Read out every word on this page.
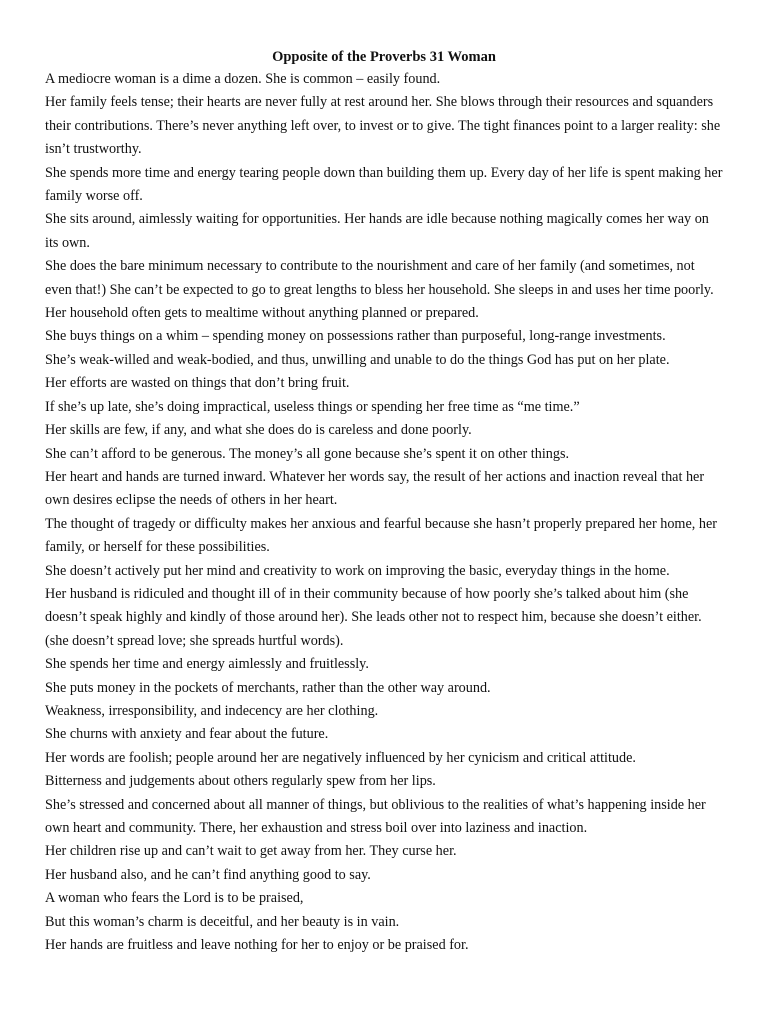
Opposite of the Proverbs 31 Woman

A mediocre woman is a dime a dozen. She is common – easily found.

Her family feels tense; their hearts are never fully at rest around her. She blows through their resources and squanders their contributions. There’s never anything left over, to invest or to give. The tight finances point to a larger reality: she isn’t trustworthy.

She spends more time and energy tearing people down than building them up. Every day of her life is spent making her family worse off.

She sits around, aimlessly waiting for opportunities. Her hands are idle because nothing magically comes her way on its own.

She does the bare minimum necessary to contribute to the nourishment and care of her family (and sometimes, not even that!) She can’t be expected to go to great lengths to bless her household. She sleeps in and uses her time poorly. Her household often gets to mealtime without anything planned or prepared.

She buys things on a whim – spending money on possessions rather than purposeful, long-range investments.

She’s weak-willed and weak-bodied, and thus, unwilling and unable to do the things God has put on her plate.

Her efforts are wasted on things that don’t bring fruit.

If she’s up late, she’s doing impractical, useless things or spending her free time as “me time.”

Her skills are few, if any, and what she does do is careless and done poorly.

She can’t afford to be generous. The money’s all gone because she’s spent it on other things.

Her heart and hands are turned inward. Whatever her words say, the result of her actions and inaction reveal that her own desires eclipse the needs of others in her heart.

The thought of tragedy or difficulty makes her anxious and fearful because she hasn’t properly prepared her home, her family, or herself for these possibilities.

She doesn’t actively put her mind and creativity to work on improving the basic, everyday things in the home.

Her husband is ridiculed and thought ill of in their community because of how poorly she’s talked about him (she doesn’t speak highly and kindly of those around her). She leads other not to respect him, because she doesn’t either. (she doesn’t spread love; she spreads hurtful words).

She spends her time and energy aimlessly and fruitlessly.

She puts money in the pockets of merchants, rather than the other way around.

Weakness, irresponsibility, and indecency are her clothing.

She churns with anxiety and fear about the future.

Her words are foolish; people around her are negatively influenced by her cynicism and critical attitude.

Bitterness and judgements about others regularly spew from her lips.

She’s stressed and concerned about all manner of things, but oblivious to the realities of what’s happening inside her own heart and community. There, her exhaustion and stress boil over into laziness and inaction.

Her children rise up and can’t wait to get away from her. They curse her.

Her husband also, and he can’t find anything good to say.

A woman who fears the Lord is to be praised,

But this woman’s charm is deceitful, and her beauty is in vain.

Her hands are fruitless and leave nothing for her to enjoy or be praised for.
